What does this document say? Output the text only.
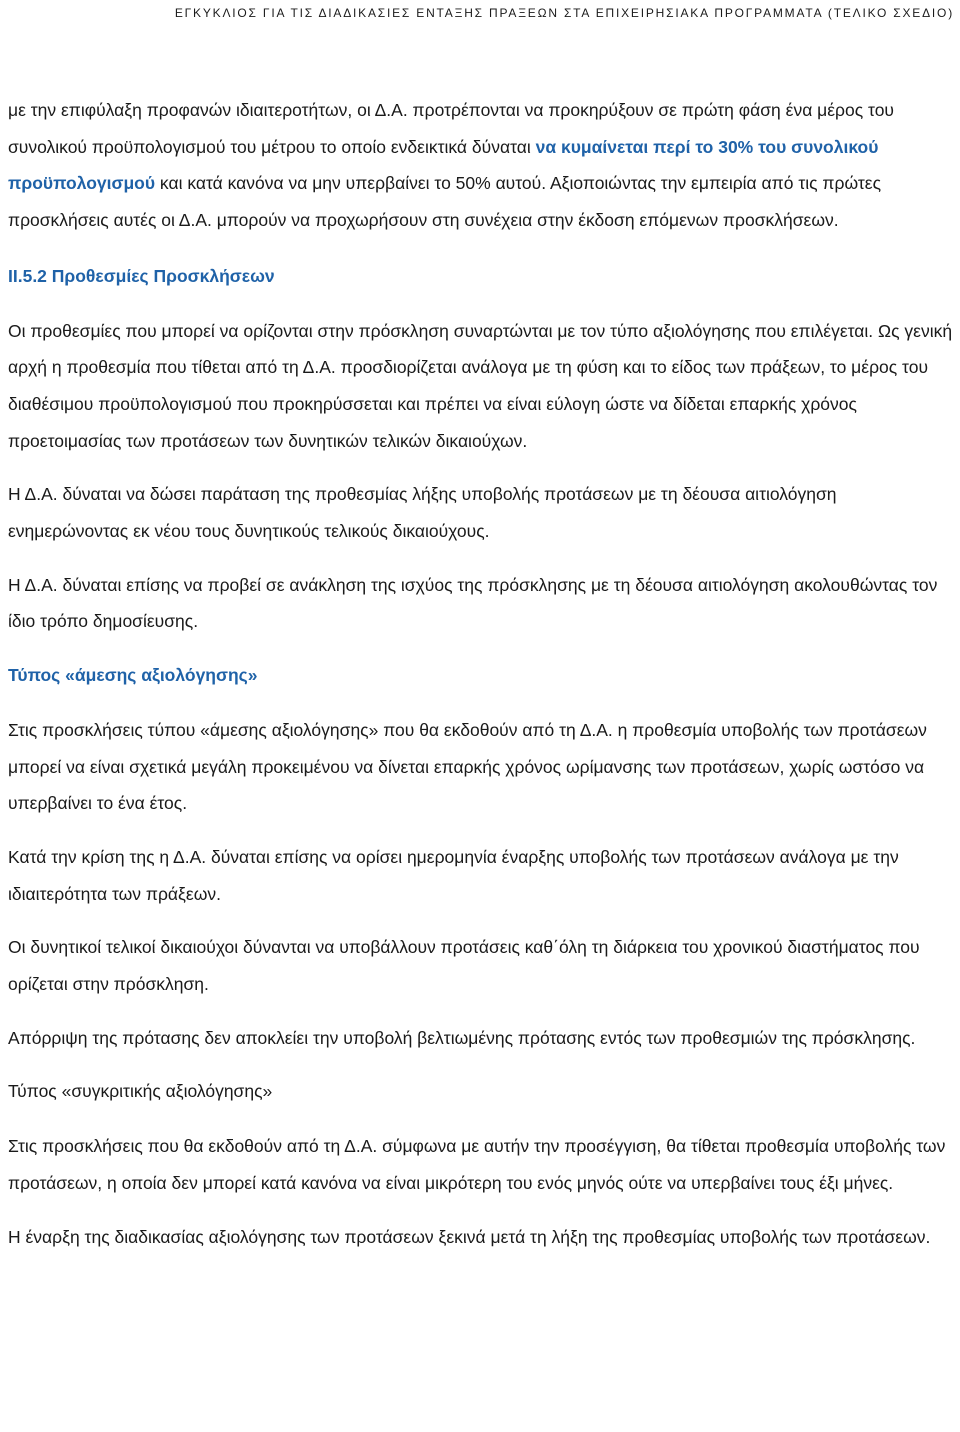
ΕΓΚΥΚΛΙΟΣ ΓΙΑ ΤΙΣ ΔΙΑΔΙΚΑΣΙΕΣ ΕΝΤΑΞΗΣ ΠΡΑΞΕΩΝ ΣΤΑ ΕΠΙΧΕΙΡΗΣΙΑΚΑ ΠΡΟΓΡΑΜΜΑΤΑ (ΤΕΛΙΚΟ ΣΧΕΔΙΟ)

με την επιφύλαξη προφανών ιδιαιτεροτήτων, οι Δ.Α. προτρέπονται να προκηρύξουν σε πρώτη φάση ένα μέρος του συνολικού προϋπολογισμού του μέτρου το οποίο ενδεικτικά δύναται να κυμαίνεται περί το 30% του συνολικού προϋπολογισμού και κατά κανόνα να μην υπερβαίνει το 50% αυτού. Αξιοποιώντας την εμπειρία από τις πρώτες προσκλήσεις αυτές οι Δ.Α. μπορούν να προχωρήσουν στη συνέχεια στην έκδοση επόμενων προσκλήσεων.

ΙΙ.5.2 Προθεσμίες Προσκλήσεων

Οι προθεσμίες που μπορεί να ορίζονται στην πρόσκληση συναρτώνται με τον τύπο αξιολόγησης που επιλέγεται. Ως γενική αρχή η προθεσμία που τίθεται από τη Δ.Α. προσδιορίζεται ανάλογα με τη φύση και το είδος των πράξεων, το μέρος του διαθέσιμου προϋπολογισμού που προκηρύσσεται και πρέπει να είναι εύλογη ώστε να δίδεται επαρκής χρόνος προετοιμασίας των προτάσεων των δυνητικών τελικών δικαιούχων.

Η Δ.Α. δύναται να δώσει παράταση της προθεσμίας λήξης υποβολής προτάσεων με τη δέουσα αιτιολόγηση ενημερώνοντας εκ νέου τους δυνητικούς τελικούς δικαιούχους.

Η Δ.Α. δύναται επίσης να προβεί σε ανάκληση της ισχύος της πρόσκλησης με τη δέουσα αιτιολόγηση ακολουθώντας τον ίδιο τρόπο δημοσίευσης.

Τύπος «άμεσης αξιολόγησης»

Στις προσκλήσεις τύπου «άμεσης αξιολόγησης» που θα εκδοθούν από τη Δ.Α. η προθεσμία υποβολής των προτάσεων μπορεί να είναι σχετικά μεγάλη προκειμένου να δίνεται επαρκής χρόνος ωρίμανσης των προτάσεων, χωρίς ωστόσο να υπερβαίνει το ένα έτος.

Κατά την κρίση της η Δ.Α. δύναται επίσης να ορίσει ημερομηνία έναρξης υποβολής των προτάσεων ανάλογα με την ιδιαιτερότητα των πράξεων.

Οι δυνητικοί τελικοί δικαιούχοι δύνανται να υποβάλλουν προτάσεις καθ΄όλη τη διάρκεια του χρονικού διαστήματος που ορίζεται στην πρόσκληση.

Απόρριψη της πρότασης δεν αποκλείει την υποβολή βελτιωμένης πρότασης εντός των προθεσμιών της πρόσκλησης.

Τύπος «συγκριτικής αξιολόγησης»

Στις προσκλήσεις που θα εκδοθούν από τη Δ.Α. σύμφωνα με αυτήν την προσέγγιση, θα τίθεται προθεσμία υποβολής των προτάσεων, η οποία δεν μπορεί κατά κανόνα να είναι μικρότερη του ενός μηνός ούτε να υπερβαίνει τους έξι μήνες.

Η έναρξη της διαδικασίας αξιολόγησης των προτάσεων ξεκινά μετά τη λήξη της προθεσμίας υποβολής των προτάσεων.
